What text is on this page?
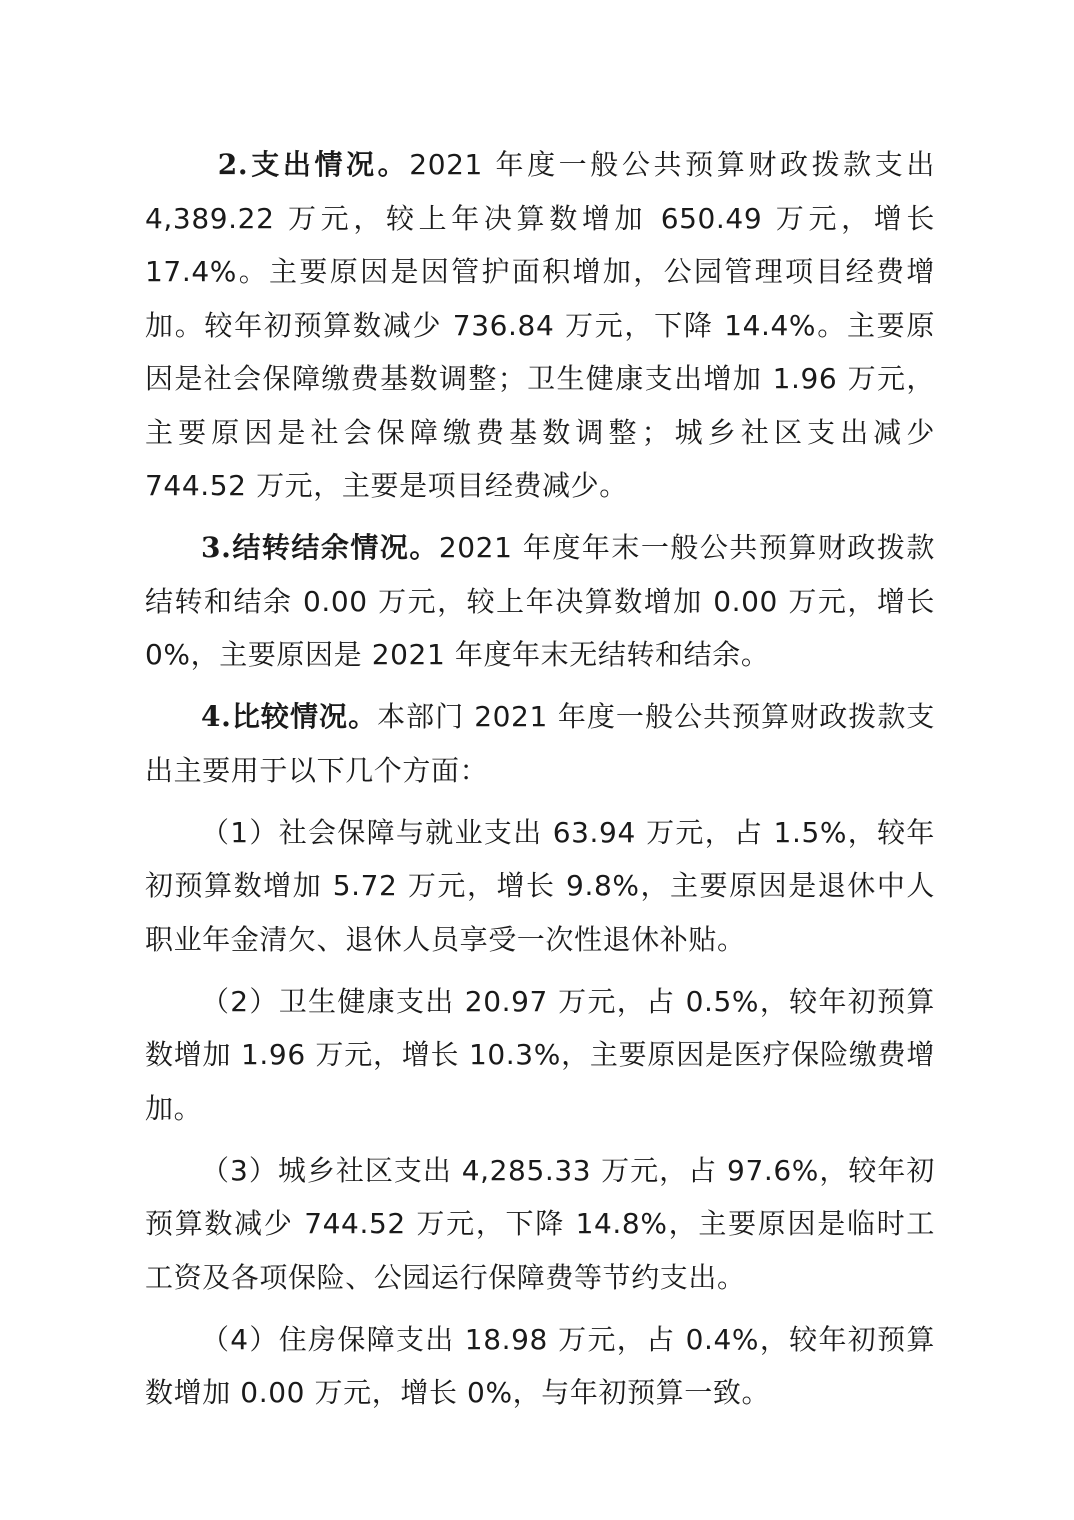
2.支出情况。2021 年度一般公共预算财政拨款支出 4,389.22 万元，较上年决算数增加 650.49 万元，增长 17.4%。主要原因是因管护面积增加，公园管理项目经费增加。较年初预算数减少 736.84 万元，下降 14.4%。主要原因是社会保障缴费基数调整；卫生健康支出增加 1.96 万元，主要原因是社会保障缴费基数调整；城乡社区支出减少 744.52 万元，主要是项目经费减少。

3.结转结余情况。2021 年度年末一般公共预算财政拨款结转和结余 0.00 万元，较上年决算数增加 0.00 万元，增长 0%，主要原因是 2021 年度年末无结转和结余。

4.比较情况。本部门 2021 年度一般公共预算财政拨款支出主要用于以下几个方面：

（1）社会保障与就业支出 63.94 万元，占 1.5%，较年初预算数增加 5.72 万元，增长 9.8%，主要原因是退休中人职业年金清欠、退休人员享受一次性退休补贴。

（2）卫生健康支出 20.97 万元，占 0.5%，较年初预算数增加 1.96 万元，增长 10.3%，主要原因是医疗保险缴费增加。

（3）城乡社区支出 4,285.33 万元，占 97.6%，较年初预算数减少 744.52 万元，下降 14.8%，主要原因是临时工工资及各项保险、公园运行保障费等节约支出。

（4）住房保障支出 18.98 万元，占 0.4%，较年初预算数增加 0.00 万元，增长 0%，与年初预算一致。
